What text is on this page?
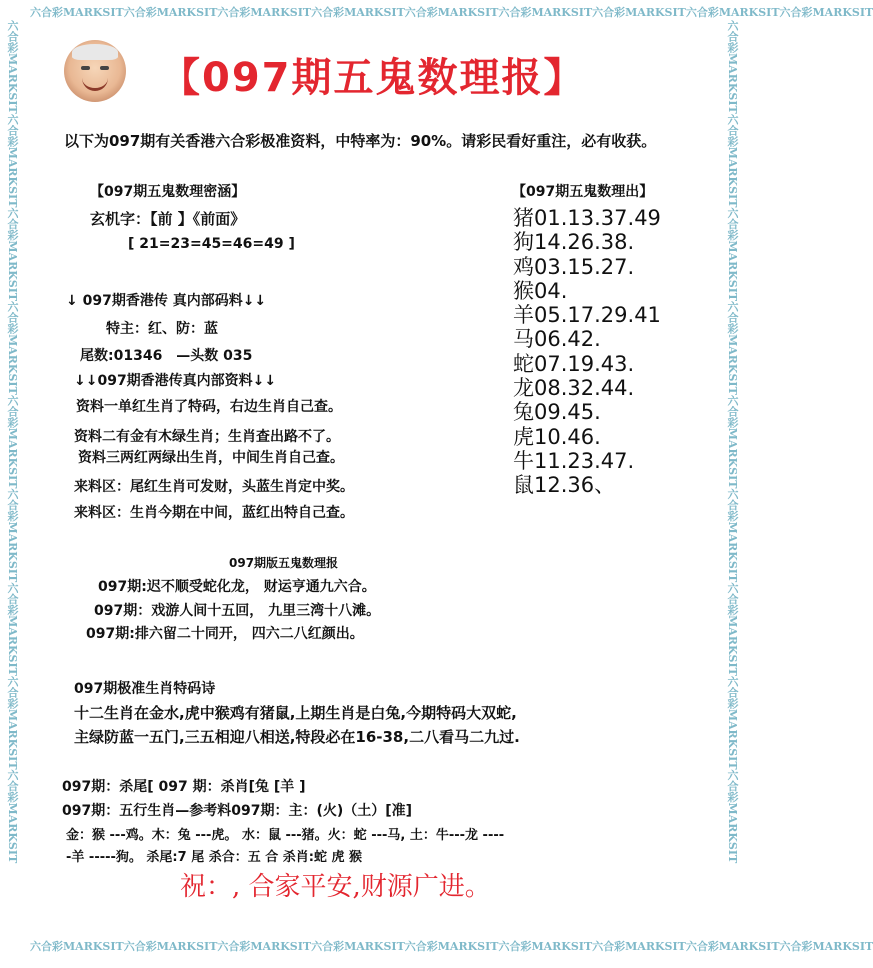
六合彩MARKSIT六合彩MARKSIT六合彩MARKSIT六合彩MARKSIT六合彩MARKSIT六合彩MARKSIT六合彩MARKSIT六合彩MARKSIT六合彩MARKSIT
六合彩MARKSIT六合彩MARKSIT六合彩MARKSIT六合彩MARKSIT六合彩MARKSIT六合彩MARKSIT六合彩MARKSIT六合彩MARKSIT六合彩MARKSIT
六合彩MARKSIT六合彩MARKSIT六合彩MARKSIT六合彩MARKSIT六合彩MARKSIT六合彩MARKSIT六合彩MARKSIT六合彩MARKSIT六合彩MARKSIT	六合彩MARKSIT六合彩MARKSIT六合彩MARKSIT六合彩MARKSIT六合彩MARKSIT六合彩MARKSIT六合彩MARKSIT六合彩MARKSIT六合彩MARKSIT
【097期五鬼数理报】
以下为097期有关香港六合彩极准资料，中特率为：90%。请彩民看好重注，必有收获。
【097期五鬼数理密涵】
玄机字：【前 】《前面》
[ 21=23=45=46=49 ]
【097期五鬼数理出】
猪01.13.37.49
狗14.26.38.
鸡03.15.27.
猴04.
羊05.17.29.41
马06.42.
蛇07.19.43.
龙08.32.44.
兔09.45.
虎10.46.
牛11.23.47.
鼠12.36、
↓ 097期香港传 真内部码料↓↓
特主：红、防：蓝
尾数:01346　—头数 035
↓↓097期香港传真内部资料↓↓
资料一单红生肖了特码，右边生肖自己查。
资料二有金有木绿生肖；生肖查出路不了。
资料三两红两绿出生肖，中间生肖自己查。
来料区：尾红生肖可发财，头蓝生肖定中奖。
来料区：生肖今期在中间，蓝红出特自己查。
097期版五鬼数理报
097期:迟不顺受蛇化龙， 财运亨通九六合。
097期：戏游人间十五回， 九里三湾十八滩。
097期:排六留二十同开， 四六二八红颜出。
097期极准生肖特码诗
十二生肖在金水,虎中猴鸡有猪鼠,上期生肖是白兔,今期特码大双蛇,
主绿防蓝一五门,三五相迎八相送,特段必在16-38,二八看马二九过.
097期：杀尾[ 097 期：杀肖[兔 [羊 ]
097期：五行生肖—参考料097期：主：(火)（土）[准]
金：猴 ---鸡。木：兔 ---虎。 水：鼠 ---猪。火：蛇 ---马, 土：牛---龙 ----
-羊 -----狗。 杀尾:7 尾 杀合：五 合 杀肖:蛇 虎 猴
祝：, 合家平安,财源广进。
